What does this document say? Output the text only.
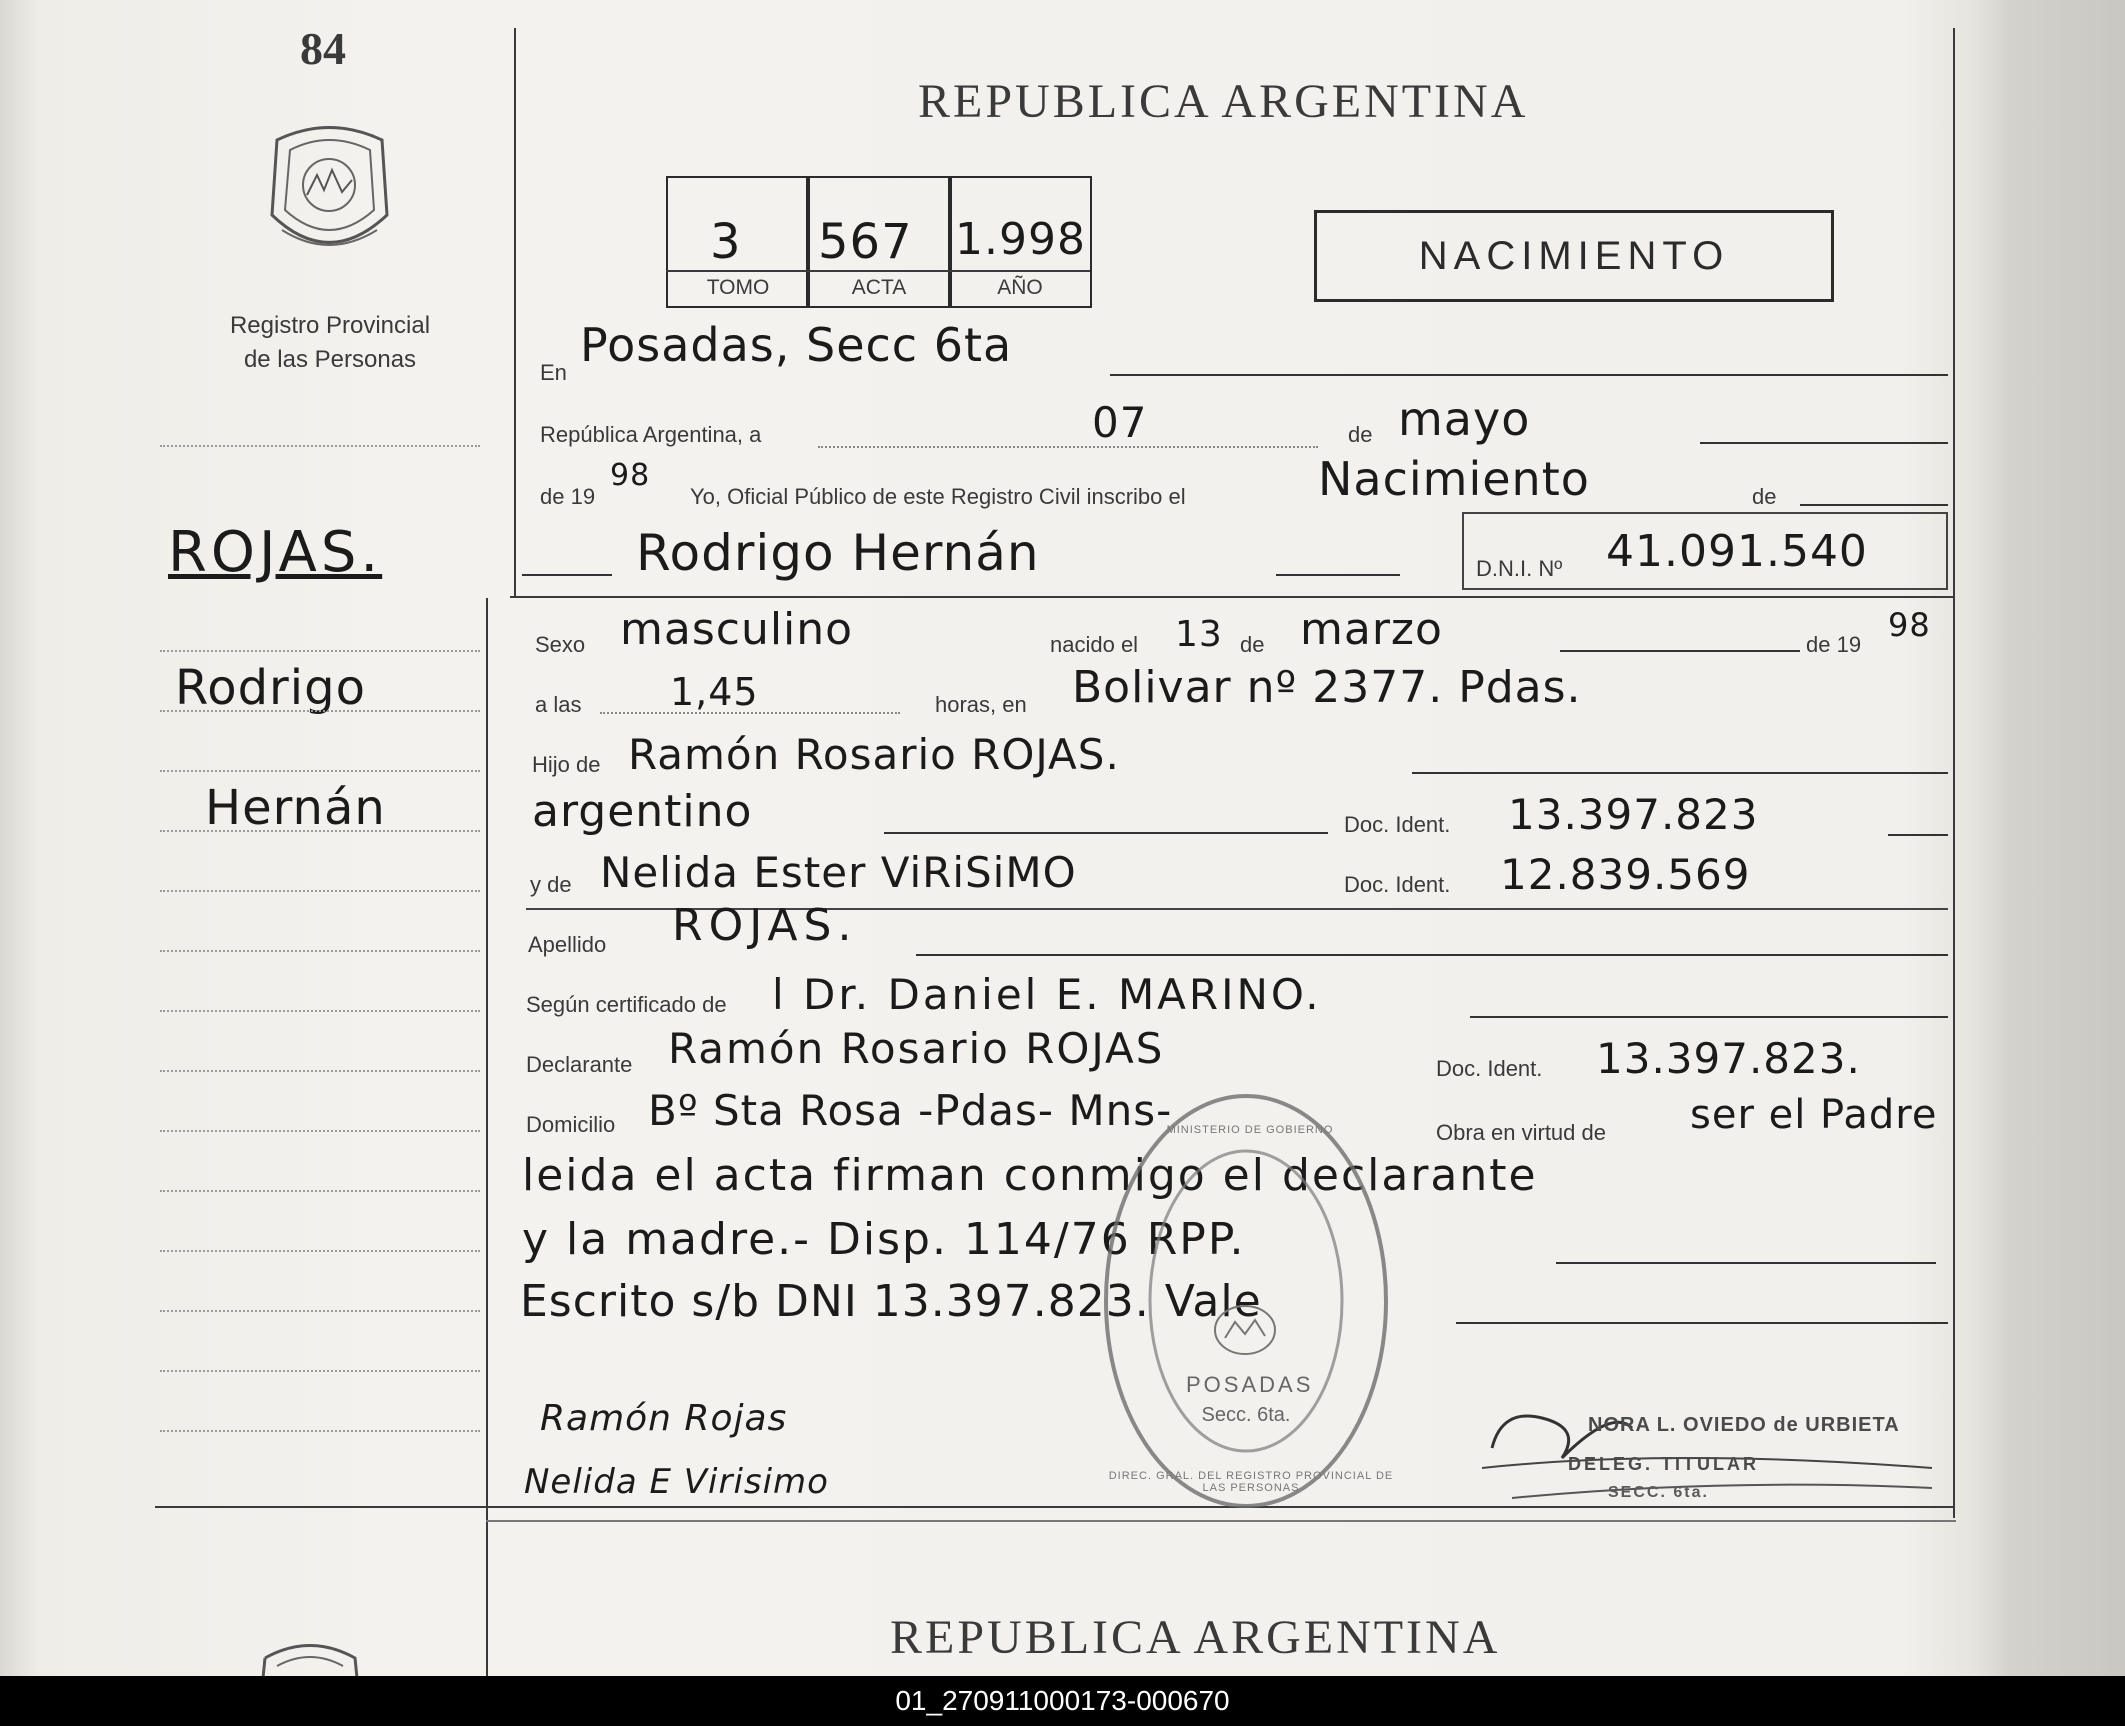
84
Registro Provincial
de las Personas
ROJAS.
Rodrigo
Hernán
REPUBLICA ARGENTINA
3 567 1.998
TOMO	ACTA	AÑO
NACIMIENTO
En
Posadas, Secc 6ta
República Argentina, a	07	de mayo
de 19
98
Yo, Oficial Público de este Registro Civil inscribo el	Nacimiento	de
Rodrigo Hernán	D.N.I. Nº 41.091.540
Sexo masculino	nacido el 13 de marzo	de 19
98
a las 1,45	horas, en Bolivar nº 2377. Pdas.
Hijo de Ramón Rosario ROJAS.
argentino	Doc. Ident. 13.397.823
y de Nelida Ester ViRiSiMO	Doc. Ident. 12.839.569
Apellido ROJAS.
Según certificado de l Dr. Daniel E. MARINO.
Declarante Ramón Rosario ROJAS	Doc. Ident. 13.397.823.
Domicilio Bº Sta Rosa -Pdas- Mns-	Obra en virtud de ser el Padre
leida el acta firman conmigo el declarante
y la madre.- Disp. 114/76 RPP.
Escrito s/b DNI 13.397.823. Vale
POSADAS
Secc. 6ta.
DIREC. GRAL. DEL REGISTRO PROVINCIAL DE LAS PERSONAS
MINISTERIO DE GOBIERNO
Ramón Rojas
Nelida E Virisimo
NORA L. OVIEDO de URBIETA
DELEG. TITULAR
SECC. 6ta.
REPUBLICA ARGENTINA
01_270911000173-000670
